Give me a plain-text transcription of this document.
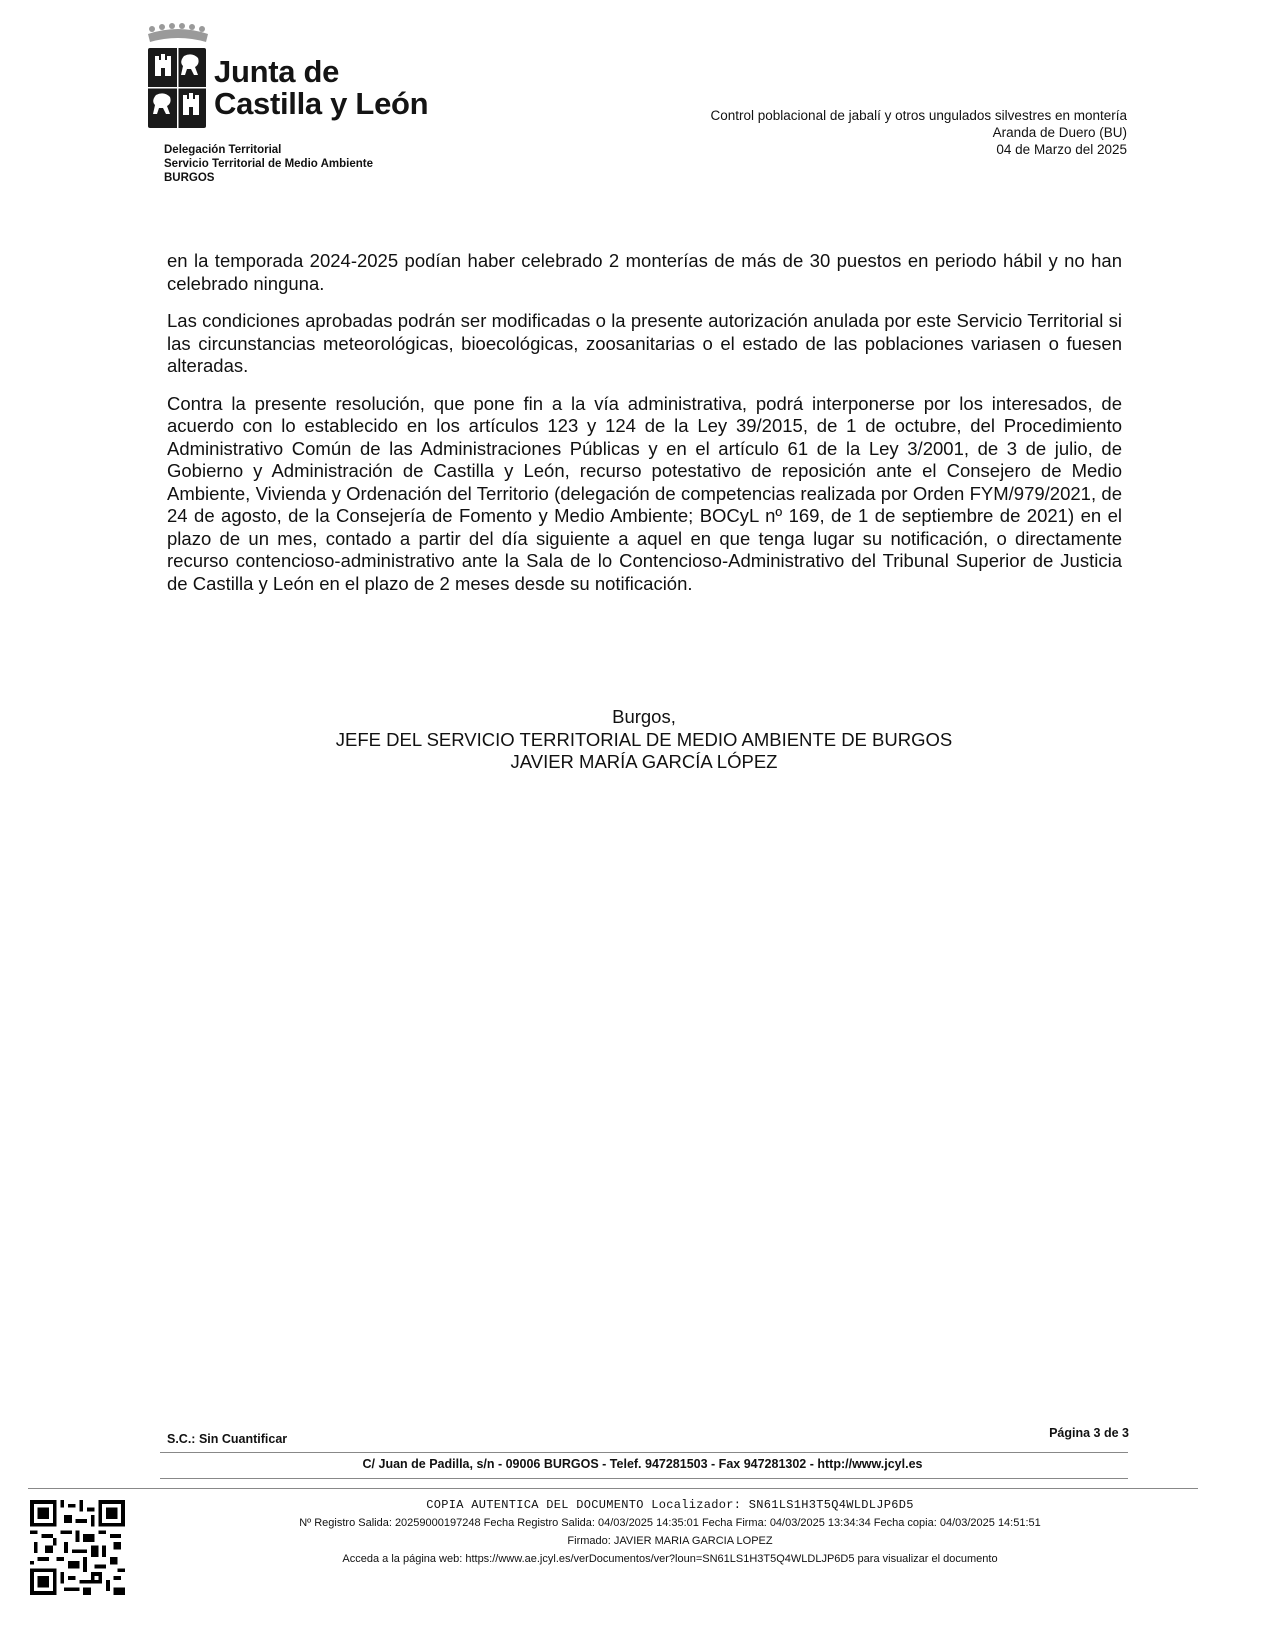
Junta de
Castilla y León
Delegación Territorial
Servicio Territorial de Medio Ambiente
BURGOS
Control poblacional de jabalí y otros ungulados silvestres en montería
Aranda de Duero (BU)
04 de Marzo del 2025

en la temporada 2024-2025 podían haber celebrado 2 monterías de más de 30 puestos en periodo hábil y no han celebrado ninguna.

Las condiciones aprobadas podrán ser modificadas o la presente autorización anulada por este Servicio Territorial si las circunstancias meteorológicas, bioecológicas, zoosanitarias o el estado de las poblaciones variasen o fuesen alteradas.

Contra la presente resolución, que pone fin a la vía administrativa, podrá interponerse por los interesados, de acuerdo con lo establecido en los artículos 123 y 124 de la Ley 39/2015, de 1 de octubre, del Procedimiento Administrativo Común de las Administraciones Públicas y en el artículo 61 de la Ley 3/2001, de 3 de julio, de Gobierno y Administración de Castilla y León, recurso potestativo de reposición ante el Consejero de Medio Ambiente, Vivienda y Ordenación del Territorio (delegación de competencias realizada por Orden FYM/979/2021, de 24 de agosto, de la Consejería de Fomento y Medio Ambiente; BOCyL nº 169, de 1 de septiembre de 2021) en el plazo de un mes, contado a partir del día siguiente a aquel en que tenga lugar su notificación, o directamente recurso contencioso-administrativo ante la Sala de lo Contencioso-Administrativo del Tribunal Superior de Justicia de Castilla y León en el plazo de 2 meses desde su notificación.

Burgos,
JEFE DEL SERVICIO TERRITORIAL DE MEDIO AMBIENTE DE BURGOS
JAVIER MARÍA GARCÍA LÓPEZ
S.C.: Sin Cuantificar	Página 3 de 3
C/ Juan de Padilla, s/n - 09006 BURGOS - Telef. 947281503 - Fax 947281302 - http://www.jcyl.es
COPIA AUTENTICA DEL DOCUMENTO Localizador: SN61LS1H3T5Q4WLDLJP6D5
Nº Registro Salida: 20259000197248 Fecha Registro Salida: 04/03/2025 14:35:01 Fecha Firma: 04/03/2025 13:34:34 Fecha copia: 04/03/2025 14:51:51
Firmado: JAVIER MARIA GARCIA LOPEZ
Acceda a la página web: https://www.ae.jcyl.es/verDocumentos/ver?loun=SN61LS1H3T5Q4WLDLJP6D5 para visualizar el documento
